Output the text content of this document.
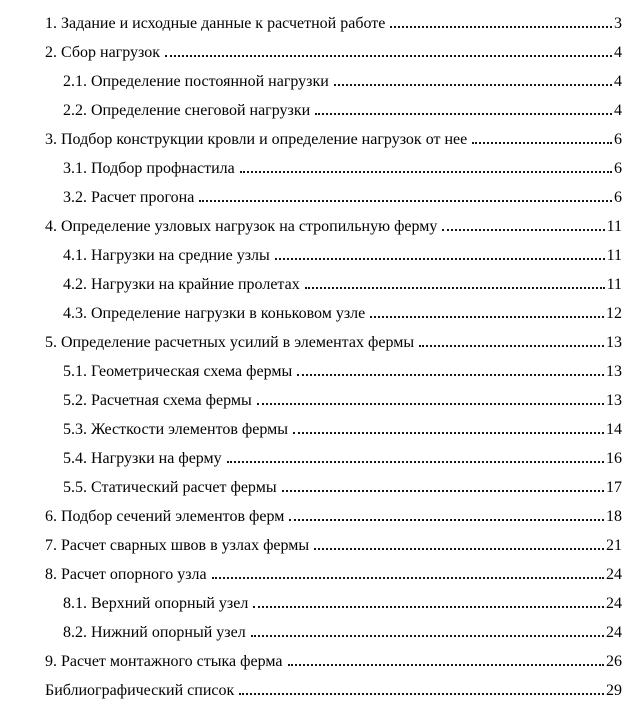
1. Задание и исходные данные к расчетной работе	3
2. Сбор нагрузок	4
2.1. Определение постоянной нагрузки	4
2.2. Определение снеговой нагрузки	4
3. Подбор конструкции кровли и определение нагрузок от нее	6
3.1. Подбор профнастила	6
3.2. Расчет прогона	6
4. Определение узловых нагрузок на стропильную ферму	11
4.1. Нагрузки на средние узлы	11
4.2. Нагрузки на крайние пролетах	11
4.3. Определение нагрузки в коньковом узле	12
5. Определение расчетных усилий в элементах фермы	13
5.1. Геометрическая схема фермы	13
5.2. Расчетная схема фермы	13
5.3. Жесткости элементов фермы	14
5.4. Нагрузки на ферму	16
5.5. Статический расчет фермы	17
6. Подбор сечений элементов ферм	18
7. Расчет сварных швов в узлах фермы	21
8. Расчет опорного узла	24
8.1. Верхний опорный узел	24
8.2. Нижний опорный узел	24
9. Расчет монтажного стыка ферма	26
Библиографический список	29
